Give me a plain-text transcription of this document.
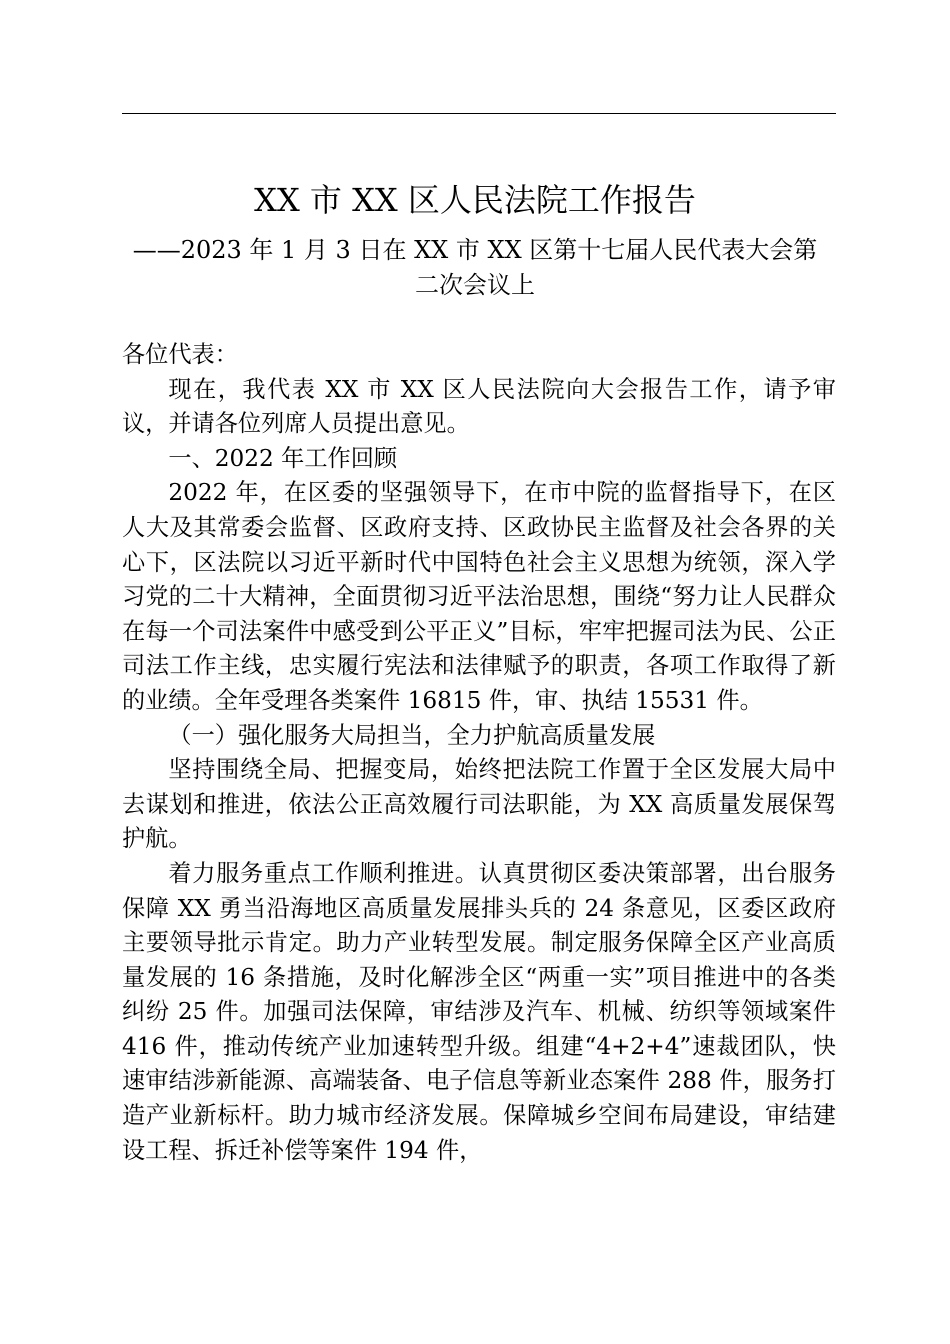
XX 市 XX 区人民法院工作报告
——2023 年 1 月 3 日在 XX 市 XX 区第十七届人民代表大会第
二次会议上

各位代表：

现在，我代表 XX 市 XX 区人民法院向大会报告工作，请予审议，并请各位列席人员提出意见。

一、2022 年工作回顾

2022 年，在区委的坚强领导下，在市中院的监督指导下，在区人大及其常委会监督、区政府支持、区政协民主监督及社会各界的关心下，区法院以习近平新时代中国特色社会主义思想为统领，深入学习党的二十大精神，全面贯彻习近平法治思想，围绕“努力让人民群众在每一个司法案件中感受到公平正义”目标，牢牢把握司法为民、公正司法工作主线，忠实履行宪法和法律赋予的职责，各项工作取得了新的业绩。全年受理各类案件 16815 件，审、执结 15531 件。

（一）强化服务大局担当，全力护航高质量发展

坚持围绕全局、把握变局，始终把法院工作置于全区发展大局中去谋划和推进，依法公正高效履行司法职能，为 XX 高质量发展保驾护航。

着力服务重点工作顺利推进。认真贯彻区委决策部署，出台服务保障 XX 勇当沿海地区高质量发展排头兵的 24 条意见，区委区政府主要领导批示肯定。助力产业转型发展。制定服务保障全区产业高质量发展的 16 条措施，及时化解涉全区“两重一实”项目推进中的各类纠纷 25 件。加强司法保障，审结涉及汽车、机械、纺织等领域案件 416 件，推动传统产业加速转型升级。组建“4+2+4”速裁团队，快速审结涉新能源、高端装备、电子信息等新业态案件 288 件，服务打造产业新标杆。助力城市经济发展。保障城乡空间布局建设，审结建设工程、拆迁补偿等案件 194 件，
